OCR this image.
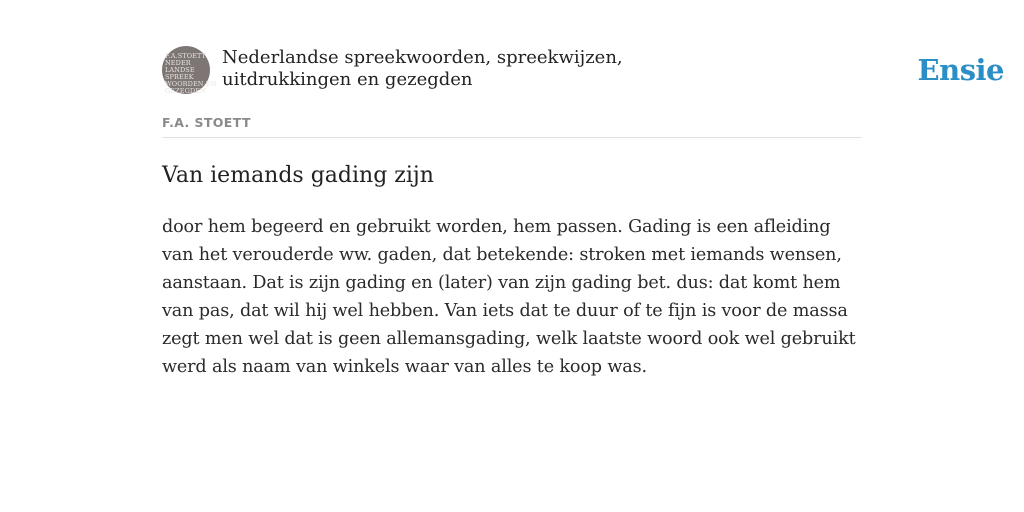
F.A.STOETT
NEDER
LANDSE
SPREEK
WOORDEN EN
GEZEGDEN
Nederlandse spreekwoorden, spreekwijzen, uitdrukkingen en gezegden
F.A. STOETT
Van iemands gading zijn

door hem begeerd en gebruikt worden, hem passen. Gading is een afleiding van het verouderde ww. gaden, dat betekende: stroken met iemands wensen, aanstaan. Dat is zijn gading en (later) van zijn gading bet. dus: dat komt hem van pas, dat wil hij wel hebben. Van iets dat te duur of te fijn is voor de massa zegt men wel dat is geen allemansgading, welk laatste woord ook wel gebruikt werd als naam van winkels waar van alles te koop was.

Ensie
